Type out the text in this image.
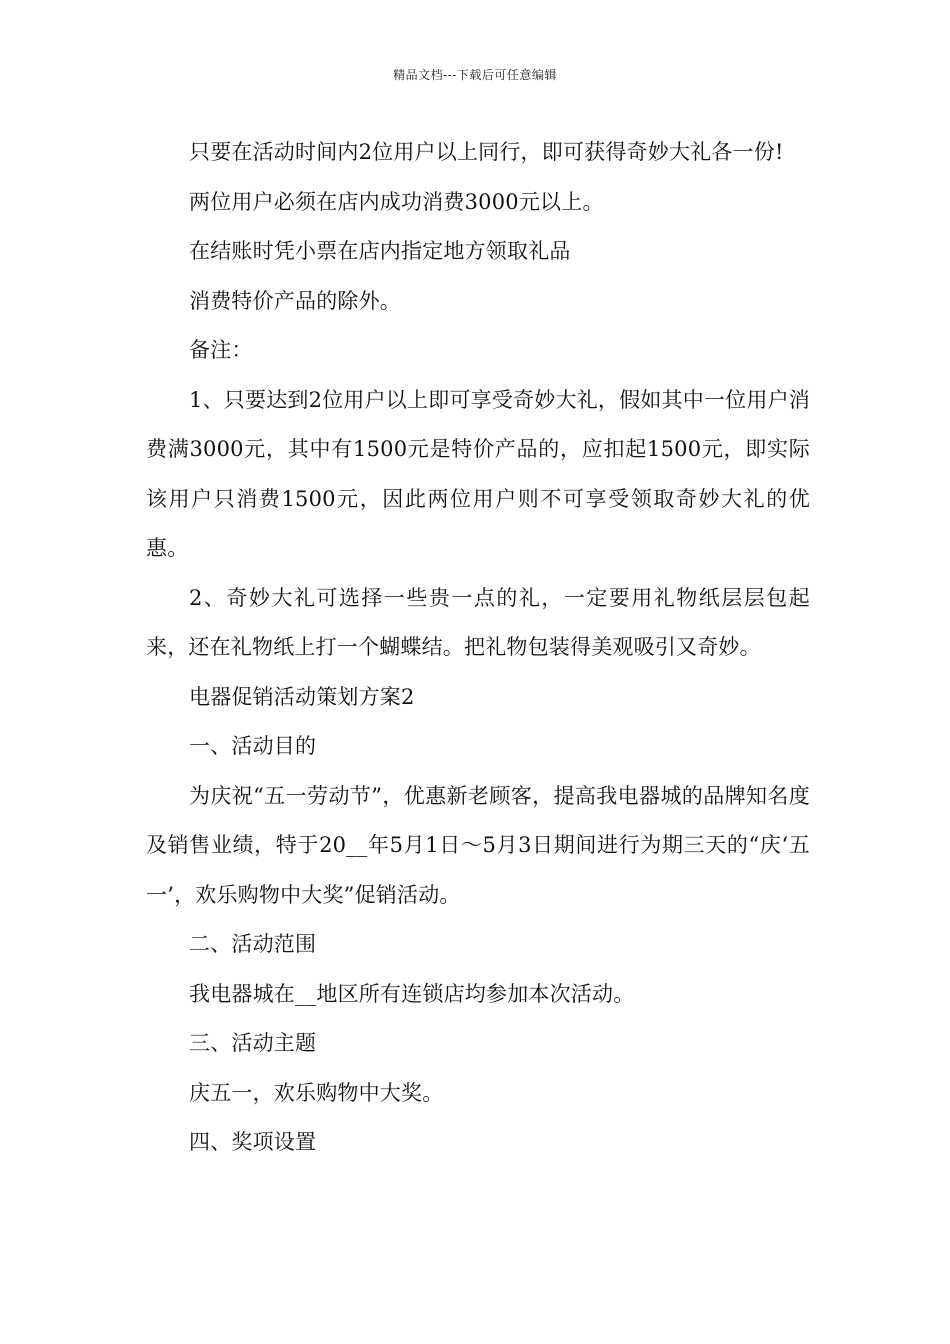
精品文档---下载后可任意编辑

只要在活动时间内2位用户以上同行，即可获得奇妙大礼各一份!

两位用户必须在店内成功消费3000元以上。

在结账时凭小票在店内指定地方领取礼品

消费特价产品的除外。

备注：

1、只要达到2位用户以上即可享受奇妙大礼，假如其中一位用户消费满3000元，其中有1500元是特价产品的，应扣起1500元，即实际该用户只消费1500元，因此两位用户则不可享受领取奇妙大礼的优惠。

2、奇妙大礼可选择一些贵一点的礼，一定要用礼物纸层层包起来，还在礼物纸上打一个蝴蝶结。把礼物包装得美观吸引又奇妙。

电器促销活动策划方案2

一、活动目的

为庆祝“五一劳动节”，优惠新老顾客，提高我电器城的品牌知名度及销售业绩，特于20__年5月1日～5月3日期间进行为期三天的“庆‘五一’，欢乐购物中大奖”促销活动。

二、活动范围

我电器城在__地区所有连锁店均参加本次活动。

三、活动主题

庆五一，欢乐购物中大奖。

四、奖项设置
